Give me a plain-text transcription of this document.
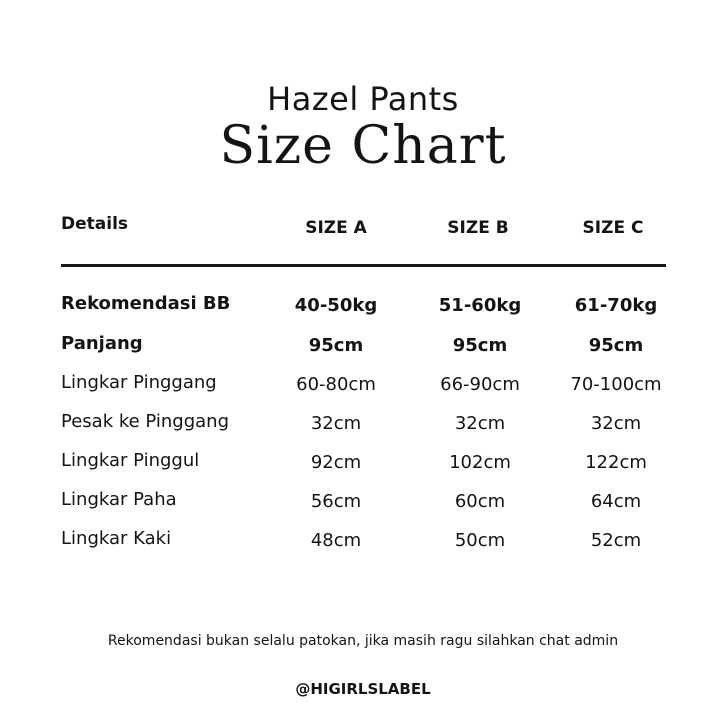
Hazel Pants
Size Chart
Details	SIZE A	SIZE B	SIZE C
Rekomendasi BB	40-50kg	51-60kg	61-70kg
Panjang	95cm	95cm	95cm
Lingkar Pinggang	60-80cm	66-90cm	70-100cm
Pesak ke Pinggang	32cm	32cm	32cm
Lingkar Pinggul	92cm	102cm	122cm
Lingkar Paha	56cm	60cm	64cm
Lingkar Kaki	48cm	50cm	52cm
Rekomendasi bukan selalu patokan, jika masih ragu silahkan chat admin
@HIGIRLSLABEL
